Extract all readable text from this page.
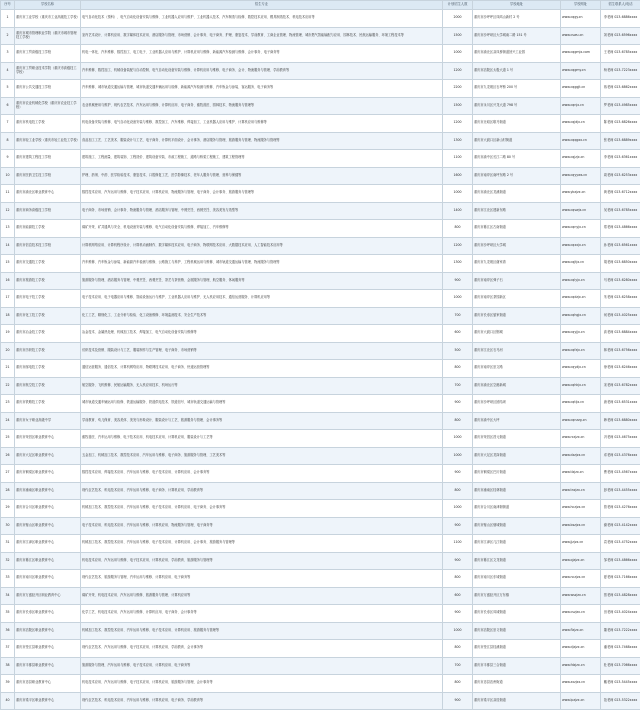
序号	学校名称	招生专业	计划招生人数	学校地址	学校网址	招生联系人/电话
1	重庆市工业学校（重庆市工业高级技工学校）	电气自动化技术（预科）、电气自动化设备安装与维修、工业机器人应用与维护、工业机器人技术、汽车制造与检修、数控技术应用、模具制造技术、机电技术应用等	2000	重庆市沙坪坪区凤鸣山新村 2 号	www.cqgy.cn	李老师 023-6886xxxx
2	重庆市城市管理职业学院（重庆市城市管理技工学校）	室内艺术设计、计算机应用、数字媒体技术应用、酒店服务与管理、市场营销、会计事务、电子商务、护理、康复技术、学前教育、工商企业管理、物流管理、城市燃气智能输配与应用、园林技术、民航运输服务、环境工程技术等	1500	重庆市沙坪坝区大学城南二路 151 号	www.cswu.cn	刘老师 023-6596xxxx
3	重庆市工贸高级技工学校	机电一体化、汽车维修、数控加工、电工电子、工业机器人应用与维护、计算机应用与维修、新能源汽车检测与维修、会计事务、电子商务等	1000	重庆市渝北区双凤桥街道回兴工业园	www.cqgmjx.com	王老师 023-6785xxxx
4	重庆市工贸职业技术学院（重庆市高级技工学校）	汽车维修、数控加工、机械设备装配与自动控制、电气自动化设备安装与维修、计算机应用与维修、电子商务、会计、物流服务与管理、学前教育等	1200	重庆市涪陵区太极大道 1 号	www.cqgmy.cn	杨老师 023-7223xxxx
5	重庆市公共交通技工学校	汽车维修、城市轨道交通运输与管理、城市轨道交通车辆运用与检修、新能源汽车检测与维修、汽车钣金与涂装、客运服务、电子商务等	2200	重庆市九龙坡区石坪桥 200 号	www.cqggjt.cn	蒋老师 023-6862xxxx
6	重庆市农业机械化学校（重庆市农业技工学校）	农业机械使用与维护、现代农艺技术、汽车运用与维修、计算机应用、电子商务、畜牧兽医、园林技术、物流服务与管理等	1500	重庆市永川区兴龙大道 798 号	www.cqnjx.cn	罗老师 023-4985xxxx
7	重庆市机电技工学校	机电设备安装与维修、电气自动化设备安装与维修、数控加工、汽车维修、焊接加工、工业机器人应用与维护、计算机应用与维修等	1200	重庆市北碚区歇马街道	www.cqjdjx.cn	陈老师 023-6826xxxx
8	重庆市轻工业学校（重庆市轻工业技工学校）	食品加工工艺、工艺美术、服装设计与工艺、电子商务、计算机平面设计、会计事务、酒店服务与管理、旅游服务与管理、物流服务与管理等	1300	重庆市大渡口区新山村街道	www.cqqgxx.cn	张老师 023-6889xxxx
9	重庆市建筑工程技工学校	建筑施工、工程测量、建筑装饰、工程造价、建筑设备安装、市政工程施工、道路与桥梁工程施工、建筑工程管理等	1100	重庆市渝中区长江二路 80 号	www.cqjzjx.cn	李老师 023-6361xxxx
10	重庆市医药卫生技工学校	护理、药剂、中药、医学检验技术、康复技术、口腔修复工艺、医学影像技术、老年人服务与管理、营养与保健等	1600	重庆市南岸区南坪东路 2 号	www.cqyyws.cn	周老师 023-6253xxxx
11	重庆市渝北区职业教育中心	数控技术应用、汽车运用与维修、电子技术应用、计算机应用、物流服务与管理、电子商务、会计事务、旅游服务与管理等	1000	重庆市渝北区龙溪街道	www.ybzjzx.cn	黄老师 023-6712xxxx
12	重庆市商务高级技工学校	电子商务、市场营销、会计事务、物流服务与管理、酒店服务与管理、中餐烹饪、西餐烹饪、美容美发与造型等	1400	重庆市江北区建新东路	www.cqswjx.cn	吴老师 023-6785xxxx
13	重庆市能源技工学校	煤矿开采、矿井通风与安全、机电设备安装与维修、电气自动化设备安装与维修、焊接加工、汽车维修等	800	重庆市綦江区古南街道	www.cqnyjx.cn	郑老师 023-4866xxxx
14	重庆市信息技术技工学校	计算机网络应用、计算机程序设计、计算机动画制作、数字媒体技术应用、电子商务、物联网技术应用、大数据技术应用、人工智能技术应用等	1200	重庆市沙坪坝区大学城	www.cqxxjx.cn	孙老师 023-6561xxxx
15	重庆市交通技工学校	汽车维修、汽车钣金与涂装、新能源汽车检测与维修、公路施工与养护、工程机械运用与维修、城市轨道交通运输与管理、物流服务与管理等	1300	重庆市九龙坡区谢家湾	www.cqjtjx.cn	胡老师 023-6850xxxx
16	重庆市旅游技工学校	旅游服务与管理、酒店服务与管理、中餐烹饪、西餐烹饪、茶艺与茶营销、会展服务与管理、航空服务、休闲服务等	900	重庆市南岸区弹子石	www.cqlyjx.cn	马老师 023-6280xxxx
17	重庆市电子技工学校	电子技术应用、电子电器应用与维修、智能设备运行与维护、工业机器人应用与维护、无人机应用技术、通信运营服务、计算机应用等	1000	重庆市南岸区茶园新区	www.cqdzjx.cn	朱老师 023-6258xxxx
18	重庆市化工技工学校	化工工艺、精细化工、工业分析与检验、化工设备维修、环境监测技术、安全生产技术等	700	重庆市长寿区晏家街道	www.cqhgjx.cn	何老师 023-4025xxxx
19	重庆市冶金技工学校	冶金技术、金属热处理、机械加工技术、焊接加工、电气自动化设备安装与维修等	600	重庆市大渡口区钢城	www.cqyjjx.cn	高老师 023-6884xxxx
20	重庆市纺织技工学校	纺织技术及营销、服装设计与工艺、服装制作与生产管理、电子商务、市场营销等	500	重庆市江北区石马河	www.cqfzjx.cn	林老师 023-6756xxxx
21	重庆市邮电技工学校	通信运营服务、通信技术、计算机网络应用、物联网技术应用、电子商务、快递运营管理等	800	重庆市南岸区崇文路	www.cqydjx.cn	徐老师 023-6246xxxx
22	重庆市航空技工学校	航空服务、飞机维修、民航运输服务、无人机应用技术、机场运行等	700	重庆市渝北区空港新城	www.cqhkjx.cn	宋老师 023-6782xxxx
23	重庆市铁路技工学校	城市轨道交通车辆运用与检修、铁道运输服务、铁道供电技术、铁道信号、城市轨道交通运输与管理等	900	重庆市沙坪坝区团结坝	www.cqtljx.cn	唐老师 023-6531xxxx
24	重庆市女子职业高级中学	学前教育、幼儿保育、美容美体、美发与形象设计、服装设计与工艺、旅游服务与管理、会计事务等	800	重庆市渝中区大坪	www.cqnzzg.cn	韩老师 023-6880xxxx
25	重庆市荣昌区职业教育中心	畜牧兽医、汽车运用与维修、电子技术应用、机电技术应用、计算机应用、服装设计与工艺等	1000	重庆市荣昌区昌元街道	www.rczjzx.cn	冯老师 023-4675xxxx
26	重庆市大足区职业教育中心	五金加工、机械加工技术、数控技术应用、汽车运用与维修、电子商务、旅游服务与管理、工艺美术等	1000	重庆市大足区龙岗街道	www.dzzjzx.cn	邓老师 023-4376xxxx
27	重庆市铜梁区职业教育中心	数控技术应用、焊接技术应用、汽车运用与维修、电子技术应用、计算机应用、会计事务等	900	重庆市铜梁区巴川街道	www.tlzjzx.cn	曹老师 023-4567xxxx
28	重庆市潼南区职业教育中心	现代农艺技术、机电技术应用、汽车运用与维修、电子商务、计算机应用、学前教育等	800	重庆市潼南区桂林街道	www.tnzjzx.cn	彭老师 023-4455xxxx
29	重庆市合川区职业教育中心	机械加工技术、数控技术应用、汽车运用与维修、电子技术应用、计算机应用、电子商务、会计事务等	1000	重庆市合川区南津街街道	www.hczjzx.cn	曾老师 023-4276xxxx
30	重庆市璧山区职业教育中心	电子技术应用、机电技术应用、汽车运用与维修、计算机应用、物流服务与管理、电子商务等	900	重庆市璧山区璧城街道	www.bszjzx.cn	谢老师 023-4142xxxx
31	重庆市江津区职业教育中心	机械加工技术、数控技术应用、汽车运用与维修、电子技术应用、计算机应用、会计事务、旅游服务与管理等	1100	重庆市江津区几江街道	www.jjzjzx.cn	袁老师 023-4752xxxx
32	重庆市綦江区职业教育中心	机电技术应用、汽车运用与维修、电子技术应用、计算机应用、学前教育、旅游服务与管理等	900	重庆市綦江区文龙街道	www.qjzjzx.cn	邹老师 023-4866xxxx
33	重庆市南川区职业教育中心	现代农艺技术、旅游服务与管理、汽车运用与维修、计算机应用、电子商务等	800	重庆市南川区东城街道	www.nczjzx.cn	夏老师 023-7166xxxx
34	重庆市万盛经开区职业教育中心	煤矿开采、机电技术应用、汽车运用与维修、旅游服务与管理、计算机应用等	600	重庆市万盛经开区万东镇	www.wszjzx.cn	蔡老师 023-4828xxxx
35	重庆市长寿区职业教育中心	化学工艺、机电技术应用、汽车运用与维修、计算机应用、电子商务、会计事务等	900	重庆市长寿区凤城街道	www.cszjzx.cn	田老师 023-4024xxxx
36	重庆市涪陵区职业教育中心	机械加工技术、数控技术应用、汽车运用与维修、电子技术应用、计算机应用、旅游服务与管理等	1000	重庆市涪陵区崇义街道	www.flzjzx.cn	董老师 023-7222xxxx
37	重庆市垫江县职业教育中心	现代农艺技术、汽车运用与维修、电子技术应用、计算机应用、学前教育、会计事务等	800	重庆市垫江县桂溪街道	www.djzjzx.cn	潘老师 023-7468xxxx
38	重庆市丰都县职业教育中心	旅游服务与管理、汽车运用与维修、电子技术应用、计算机应用、电子商务等	700	重庆市丰都县三合街道	www.fdzjzx.cn	杜老师 023-7066xxxx
39	重庆市忠县职业教育中心	机电技术应用、汽车运用与维修、电子技术应用、计算机应用、旅游服务与管理、会计事务等	800	重庆市忠县忠州街道	www.zxzjzx.cn	戴老师 023-5445xxxx
40	重庆市梁平区职业教育中心	现代农艺技术、机电技术应用、汽车运用与维修、计算机应用、电子商务、学前教育等	900	重庆市梁平区双桂街道	www.lpzjzx.cn	范老师 023-5322xxxx
